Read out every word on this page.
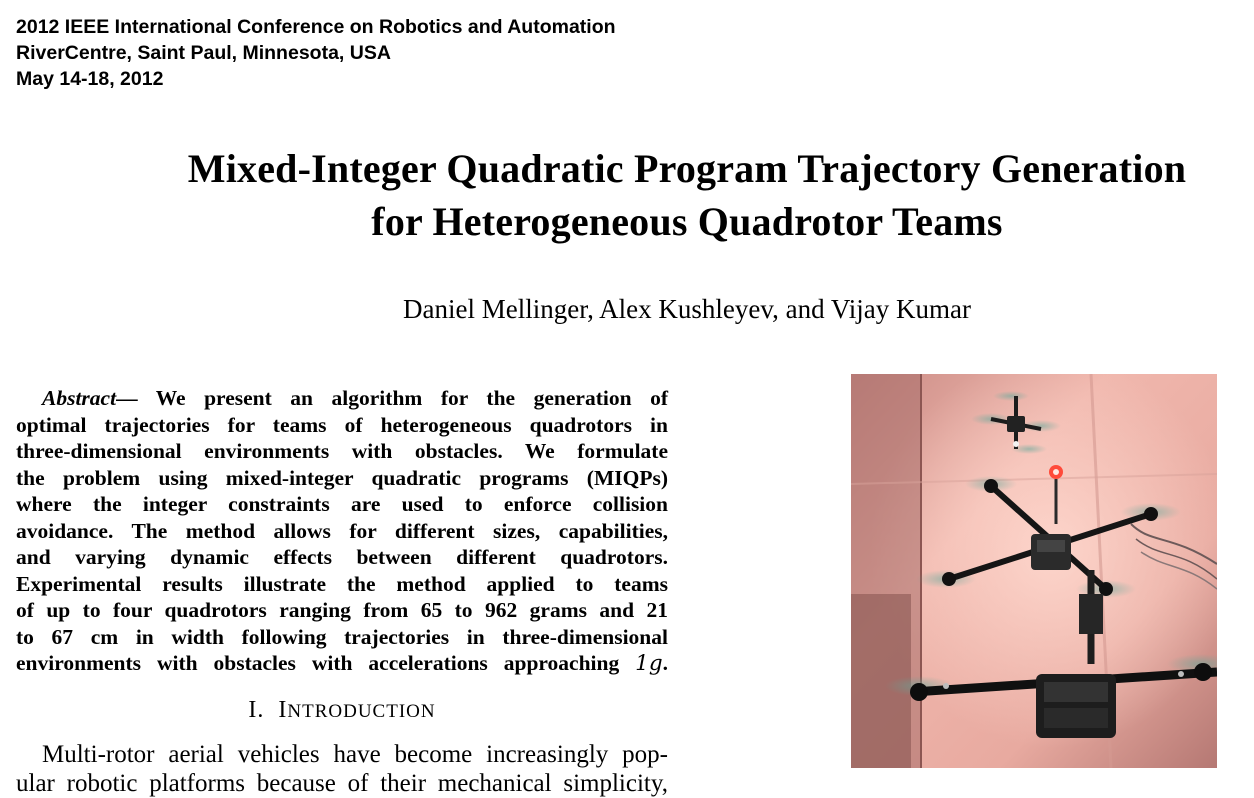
2012 IEEE International Conference on Robotics and Automation
RiverCentre, Saint Paul, Minnesota, USA
May 14-18, 2012
Mixed-Integer Quadratic Program Trajectory Generation
for Heterogeneous Quadrotor Teams
Daniel Mellinger, Alex Kushleyev, and Vijay Kumar
Abstract— We present an algorithm for the generation of
optimal trajectories for teams of heterogeneous quadrotors in
three-dimensional environments with obstacles. We formulate
the problem using mixed-integer quadratic programs (MIQPs)
where the integer constraints are used to enforce collision
avoidance. The method allows for different sizes, capabilities,
and varying dynamic effects between different quadrotors.
Experimental results illustrate the method applied to teams
of up to four quadrotors ranging from 65 to 962 grams and 21
to 67 cm in width following trajectories in three-dimensional
environments with obstacles with accelerations approaching 1g.
I. INTRODUCTION
Multi-rotor aerial vehicles have become increasingly pop-
ular robotic platforms because of their mechanical simplicity,
